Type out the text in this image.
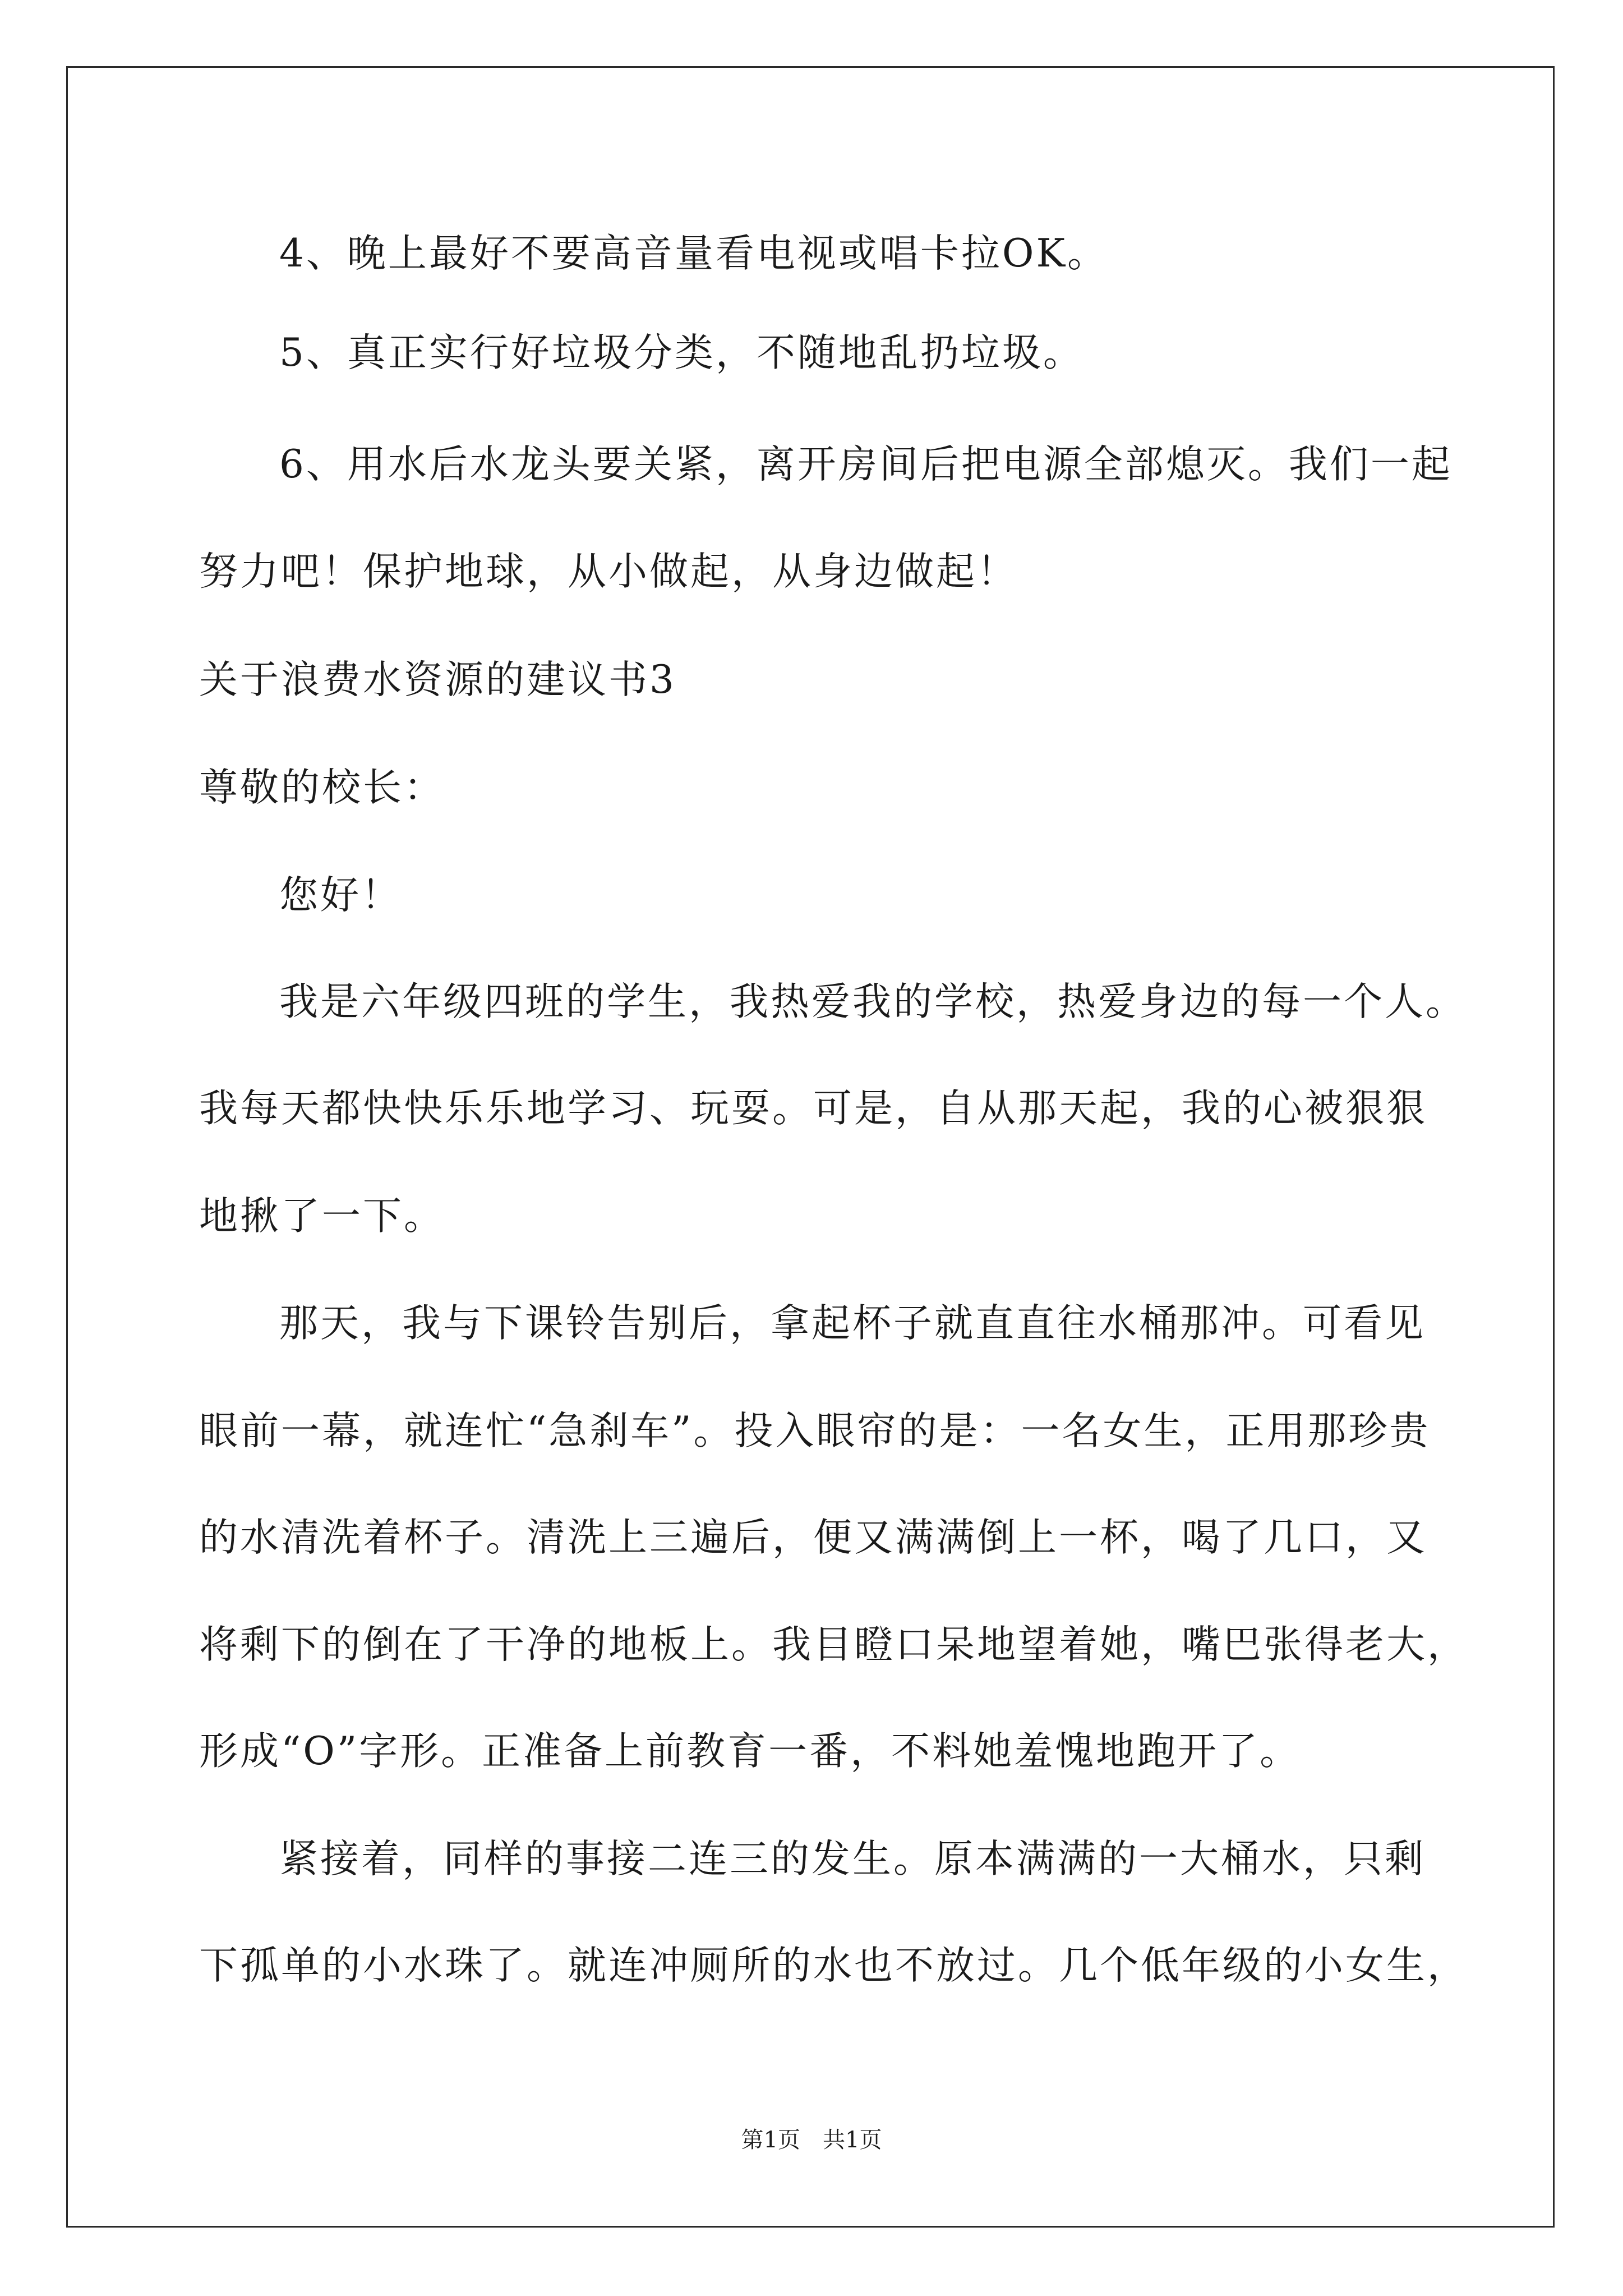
4、晚上最好不要高音量看电视或唱卡拉OK。
5、真正实行好垃圾分类，不随地乱扔垃圾。
6、用水后水龙头要关紧，离开房间后把电源全部熄灭。我们一起
努力吧！保护地球，从小做起，从身边做起！
关于浪费水资源的建议书3
尊敬的校长：
您好！
我是六年级四班的学生，我热爱我的学校，热爱身边的每一个人。
我每天都快快乐乐地学习、玩耍。可是，自从那天起，我的心被狠狠
地揪了一下。
那天，我与下课铃告别后，拿起杯子就直直往水桶那冲。可看见
眼前一幕，就连忙“急刹车”。投入眼帘的是：一名女生，正用那珍贵
的水清洗着杯子。清洗上三遍后，便又满满倒上一杯，喝了几口，又
将剩下的倒在了干净的地板上。我目瞪口呆地望着她，嘴巴张得老大，
形成“O”字形。正准备上前教育一番，不料她羞愧地跑开了。
紧接着，同样的事接二连三的发生。原本满满的一大桶水，只剩
下孤单的小水珠了。就连冲厕所的水也不放过。几个低年级的小女生，
第1页　共1页
